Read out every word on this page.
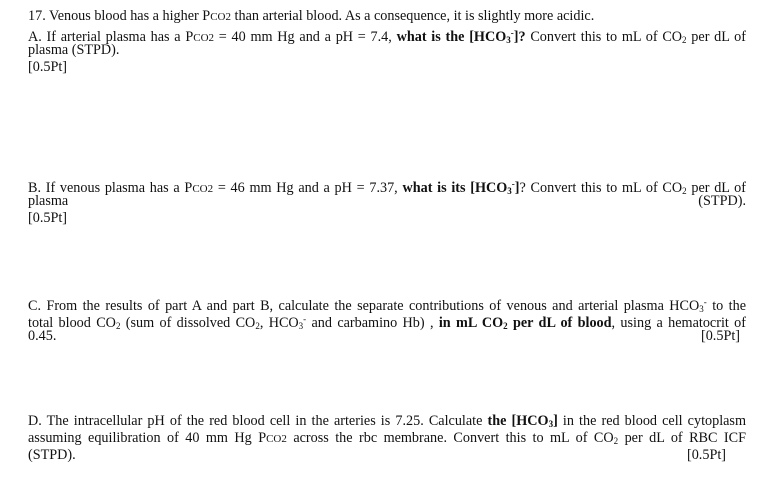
17. Venous blood has a higher PCO2 than arterial blood. As a consequence, it is slightly more acidic.
A. If arterial plasma has a PCO2 = 40 mm Hg and a pH = 7.4, what is the $[HCO_3^-]$? Convert this to mL of $CO_2$ per dL of
plasma (STPD).
[0.5Pt]
B. If venous plasma has a PCO2 = 46 mm Hg and a pH = 7.37, what is its $[HCO_3^-]$? Convert this to mL of $CO_2$ per dL of
plasma	(STPD).
[0.5Pt]
C. From the results of part A and part B, calculate the separate contributions of venous and arterial plasma $HCO_3^-$ to the
total blood $CO_2$ (sum of dissolved $CO_2$, $HCO_3^-$ and carbamino Hb) , in mL $CO_2$ per dL of blood, using a hematocrit of
0.45.	[0.5Pt]
D. The intracellular pH of the red blood cell in the arteries is 7.25. Calculate the $[HCO_3]$ in the red blood cell cytoplasm
assuming equilibration of 40 mm Hg PCO2 across the rbc membrane. Convert this to mL of $CO_2$ per dL of RBC ICF
(STPD).	[0.5Pt]
